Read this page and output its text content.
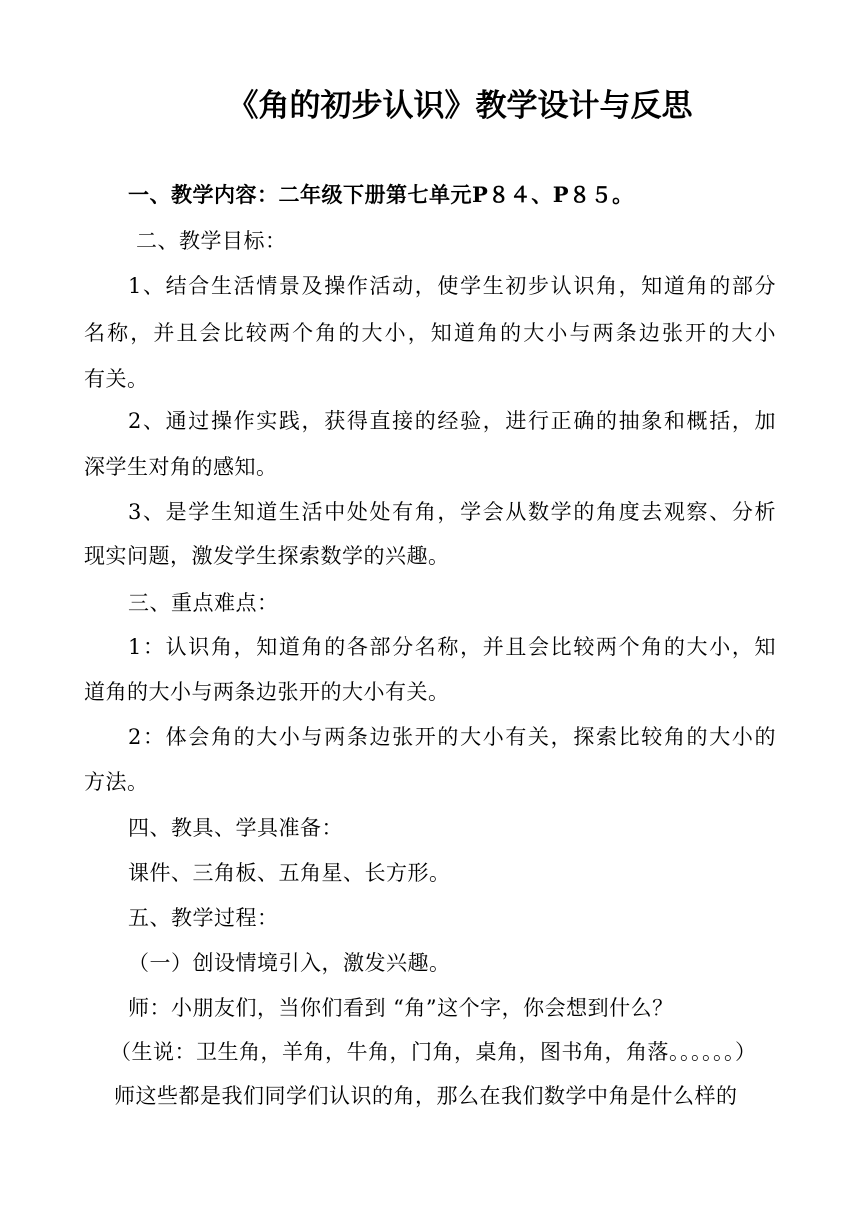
《角的初步认识》教学设计与反思
一、教学内容：二年级下册第七单元P８４、P８５。
二、教学目标：
1、结合生活情景及操作活动，使学生初步认识角，知道角的部分
名称，并且会比较两个角的大小，知道角的大小与两条边张开的大小
有关。
2、通过操作实践，获得直接的经验，进行正确的抽象和概括，加
深学生对角的感知。
3、是学生知道生活中处处有角，学会从数学的角度去观察、分析
现实问题，激发学生探索数学的兴趣。
三、重点难点：
1：认识角，知道角的各部分名称，并且会比较两个角的大小，知
道角的大小与两条边张开的大小有关。
2：体会角的大小与两条边张开的大小有关，探索比较角的大小的
方法。
四、教具、学具准备：
课件、三角板、五角星、长方形。
五、教学过程：
（一）创设情境引入，激发兴趣。
师：小朋友们，当你们看到 “角”这个字，你会想到什么？
（生说：卫生角，羊角，牛角，门角，桌角，图书角，角落。。。。。。）
师这些都是我们同学们认识的角，那么在我们数学中角是什么样的
